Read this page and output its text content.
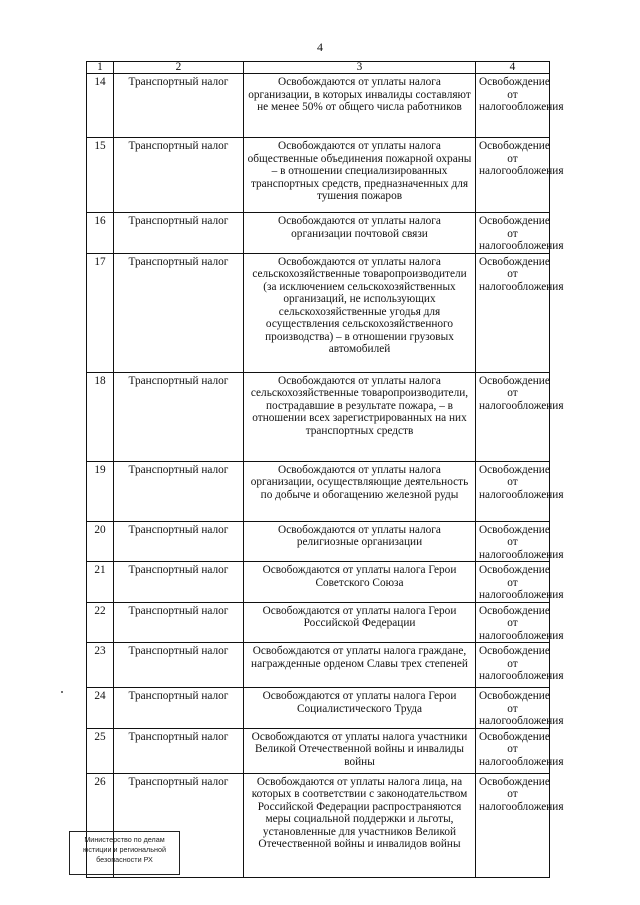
4
1	2	3	4
14	Транспортный налог	Освобождаются от уплаты налога организации, в которых инвалиды составляют не менее 50% от общего числа работников	Освобождение от налогообложения
15	Транспортный налог	Освобождаются от уплаты налога общественные объединения пожарной охраны – в отношении специализированных транспортных средств, предназначенных для тушения пожаров	Освобождение от налогообложения
16	Транспортный налог	Освобождаются от уплаты налога организации почтовой связи	Освобождение от налогообложения
17	Транспортный налог	Освобождаются от уплаты налога сельскохозяйственные товаропроизводители (за исключением сельскохозяйственных организаций, не использующих сельскохозяйственные угодья для осуществления сельскохозяйственного производства) – в отношении грузовых автомобилей	Освобождение от налогообложения
18	Транспортный налог	Освобождаются от уплаты налога сельскохозяйственные товаропроизводители, пострадавшие в результате пожара, – в отношении всех зарегистрированных на них транспортных средств	Освобождение от налогообложения
19	Транспортный налог	Освобождаются от уплаты налога организации, осуществляющие деятельность по добыче и обогащению железной руды	Освобождение от налогообложения
20	Транспортный налог	Освобождаются от уплаты налога религиозные организации	Освобождение от налогообложения
21	Транспортный налог	Освобождаются от уплаты налога Герои Советского Союза	Освобождение от налогообложения
22	Транспортный налог	Освобождаются от уплаты налога Герои Российской Федерации	Освобождение от налогообложения
23	Транспортный налог	Освобождаются от уплаты налога граждане, награжденные орденом Славы трех степеней	Освобождение от налогообложения
24	Транспортный налог	Освобождаются от уплаты налога Герои Социалистического Труда	Освобождение от налогообложения
25	Транспортный налог	Освобождаются от уплаты налога участники Великой Отечественной войны и инвалиды войны	Освобождение от налогообложения
26	Транспортный налог	Освобождаются от уплаты налога лица, на которых в соответствии с законодательством Российской Федерации распространяются меры социальной поддержки и льготы, установленные для участников Великой Отечественной войны и инвалидов войны	Освобождение от налогообложения
Министерство по делам
юстиции и региональной
безопасности РХ
